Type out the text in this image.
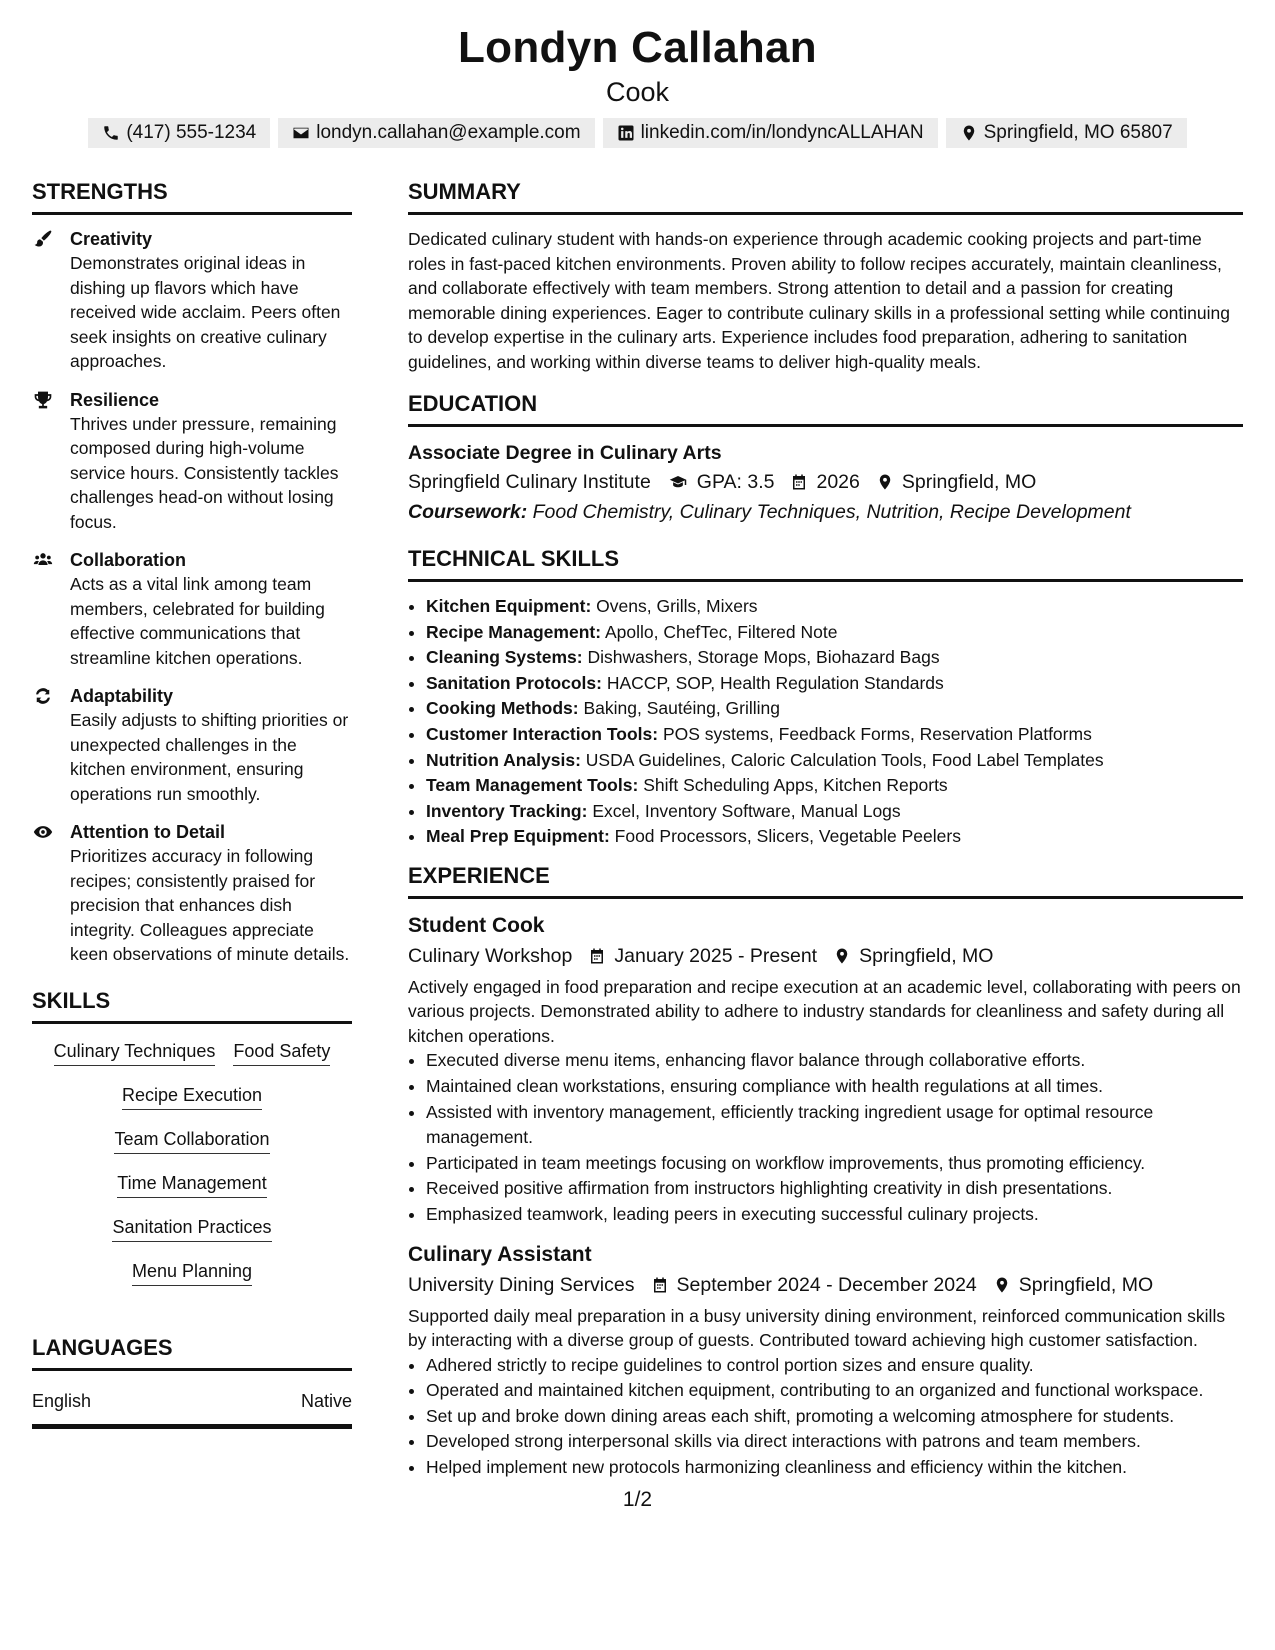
Londyn Callahan
Cook
(417) 555-1234	londyn.callahan@example.com	linkedin.com/in/londyncALLAHAN	Springfield, MO 65807
STRENGTHS
Creativity
Demonstrates original ideas in dishing up flavors which have received wide acclaim. Peers often seek insights on creative culinary approaches.
Resilience
Thrives under pressure, remaining composed during high-volume service hours. Consistently tackles challenges head-on without losing focus.
Collaboration
Acts as a vital link among team members, celebrated for building effective communications that streamline kitchen operations.
Adaptability
Easily adjusts to shifting priorities or unexpected challenges in the kitchen environment, ensuring operations run smoothly.
Attention to Detail
Prioritizes accuracy in following recipes; consistently praised for precision that enhances dish integrity. Colleagues appreciate keen observations of minute details.
SKILLS
Culinary Techniques Food Safety
Recipe Execution
Team Collaboration
Time Management
Sanitation Practices
Menu Planning
LANGUAGES
English	Native
SUMMARY

Dedicated culinary student with hands-on experience through academic cooking projects and part-time roles in fast-paced kitchen environments. Proven ability to follow recipes accurately, maintain cleanliness, and collaborate effectively with team members. Strong attention to detail and a passion for creating memorable dining experiences. Eager to contribute culinary skills in a professional setting while continuing to develop expertise in the culinary arts. Experience includes food preparation, adhering to sanitation guidelines, and working within diverse teams to deliver high-quality meals.

EDUCATION
Associate Degree in Culinary Arts
Springfield Culinary Institute GPA: 3.5 2026 Springfield, MO
Coursework: Food Chemistry, Culinary Techniques, Nutrition, Recipe Development
TECHNICAL SKILLS
• Kitchen Equipment: Ovens, Grills, Mixers
• Recipe Management: Apollo, ChefTec, Filtered Note
• Cleaning Systems: Dishwashers, Storage Mops, Biohazard Bags
• Sanitation Protocols: HACCP, SOP, Health Regulation Standards
• Cooking Methods: Baking, Sautéing, Grilling
• Customer Interaction Tools: POS systems, Feedback Forms, Reservation Platforms
• Nutrition Analysis: USDA Guidelines, Caloric Calculation Tools, Food Label Templates
• Team Management Tools: Shift Scheduling Apps, Kitchen Reports
• Inventory Tracking: Excel, Inventory Software, Manual Logs
• Meal Prep Equipment: Food Processors, Slicers, Vegetable Peelers
EXPERIENCE
Student Cook
Culinary Workshop January 2025 - Present Springfield, MO
Actively engaged in food preparation and recipe execution at an academic level, collaborating with peers on various projects. Demonstrated ability to adhere to industry standards for cleanliness and safety during all kitchen operations.
• Executed diverse menu items, enhancing flavor balance through collaborative efforts.
• Maintained clean workstations, ensuring compliance with health regulations at all times.
• Assisted with inventory management, efficiently tracking ingredient usage for optimal resource management.
• Participated in team meetings focusing on workflow improvements, thus promoting efficiency.
• Received positive affirmation from instructors highlighting creativity in dish presentations.
• Emphasized teamwork, leading peers in executing successful culinary projects.
Culinary Assistant
University Dining Services September 2024 - December 2024 Springfield, MO
Supported daily meal preparation in a busy university dining environment, reinforced communication skills by interacting with a diverse group of guests. Contributed toward achieving high customer satisfaction.
• Adhered strictly to recipe guidelines to control portion sizes and ensure quality.
• Operated and maintained kitchen equipment, contributing to an organized and functional workspace.
• Set up and broke down dining areas each shift, promoting a welcoming atmosphere for students.
• Developed strong interpersonal skills via direct interactions with patrons and team members.
• Helped implement new protocols harmonizing cleanliness and efficiency within the kitchen.
1/2
